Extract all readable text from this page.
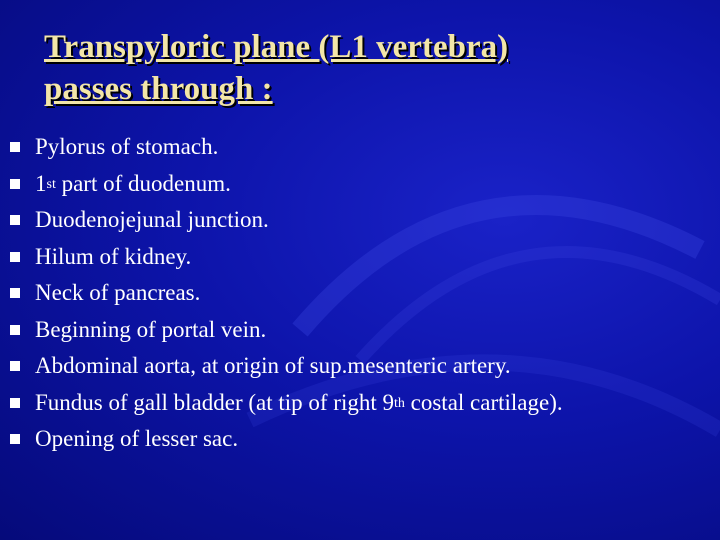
Transpyloric plane (L1 vertebra)
passes through :
Pylorus of stomach.
1st part of duodenum.
Duodenojejunal junction.
Hilum of kidney.
Neck of pancreas.
Beginning of portal vein.
Abdominal aorta, at origin of sup.mesenteric artery.
Fundus of gall bladder (at tip of right 9th costal cartilage).
Opening of lesser sac.
